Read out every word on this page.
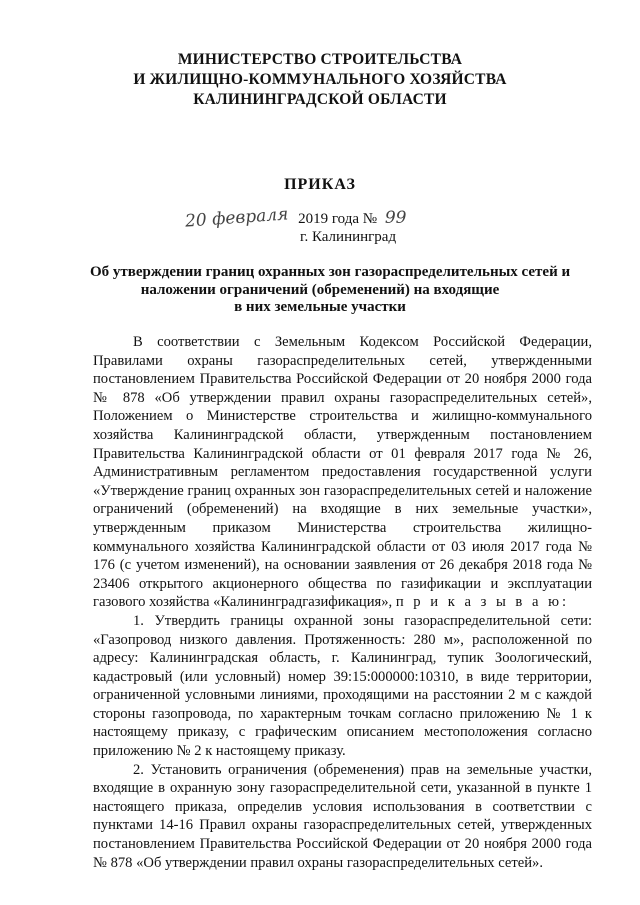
МИНИСТЕРСТВО СТРОИТЕЛЬСТВА
И ЖИЛИЩНО-КОММУНАЛЬНОГО ХОЗЯЙСТВА
КАЛИНИНГРАДСКОЙ ОБЛАСТИ
ПРИКАЗ
20 февраля 2019 года № 99
г. Калининград
Об утверждении границ охранных зон газораспределительных сетей и
наложении ограничений (обременений) на входящие
в них земельные участки

В соответствии с Земельным Кодексом Российской Федерации, Правилами охраны газораспределительных сетей, утвержденными постановлением Правительства Российской Федерации от 20 ноября 2000 года № 878 «Об утверждении правил охраны газораспределительных сетей», Положением о Министерстве строительства и жилищно-коммунального хозяйства Калининградской области, утвержденным постановлением Правительства Калининградской области от 01 февраля 2017 года № 26, Административным регламентом предоставления государственной услуги «Утверждение границ охранных зон газораспределительных сетей и наложение ограничений (обременений) на входящие в них земельные участки», утвержденным приказом Министерства строительства жилищно-коммунального хозяйства Калининградской области от 03 июля 2017 года № 176 (с учетом изменений), на основании заявления от 26 декабря 2018 года № 23406 открытого акционерного общества по газификации и эксплуатации газового хозяйства «Калининградгазификация», п р и к а з ы в а ю:

1. Утвердить границы охранной зоны газораспределительной сети: «Газопровод низкого давления. Протяженность: 280 м», расположенной по адресу: Калининградская область, г. Калининград, тупик Зоологический, кадастровый (или условный) номер 39:15:000000:10310, в виде территории, ограниченной условными линиями, проходящими на расстоянии 2 м с каждой стороны газопровода, по характерным точкам согласно приложению № 1 к настоящему приказу, с графическим описанием местоположения согласно приложению № 2 к настоящему приказу.

2. Установить ограничения (обременения) прав на земельные участки, входящие в охранную зону газораспределительной сети, указанной в пункте 1 настоящего приказа, определив условия использования в соответствии с пунктами 14-16 Правил охраны газораспределительных сетей, утвержденных постановлением Правительства Российской Федерации от 20 ноября 2000 года № 878 «Об утверждении правил охраны газораспределительных сетей».
